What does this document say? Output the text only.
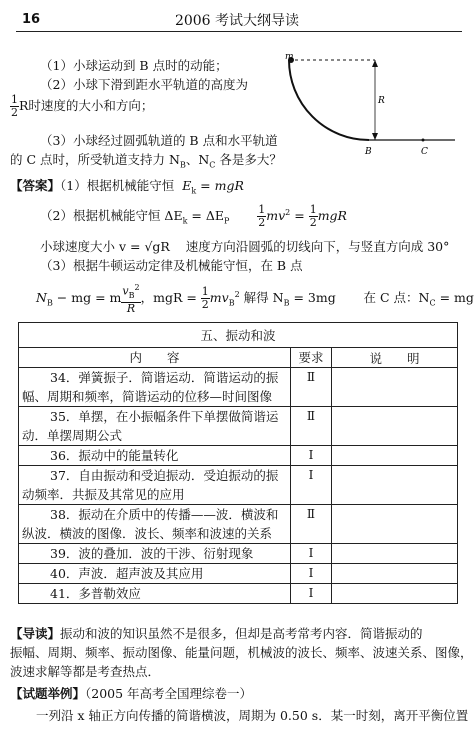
16	2006 考试大纲导读
m
R
B	C
（1）小球运动到 B 点时的动能；
（2）小球下滑到距水平轨道的高度为
$\frac{1}{2}$ R时速度的大小和方向；
（3）小球经过圆弧轨道的 B 点和水平轨道
的 C 点时，所受轨道支持力 $N_B$、$N_C$ 各是多大？
【答案】（1）根据机械能守恒 $E_k$ = mgR
（2）根据机械能守恒 $\Delta E_k = \Delta E_P$	$\frac{1}{2} mv^2 = \frac{1}{2}$ mgR
小球速度大小 v = √gR 速度方向沿圆弧的切线向下，与竖直方向成 30°
（3）根据牛顿运动定律及机械能守恒，在 B 点
$N_B$ − mg = m $\frac{v_B^2}{R}$ ，mgR = $\frac{1}{2} mv_B^2$ 解得 $N_B = 3mg$ 在 C 点：$N_C$ = mg
五、振动和波		
内　　容	要求	说　　明

34．弹簧振子．简谐运动．简谐运动的振
幅、周期和频率，简谐运动的位移—时间图像	Ⅱ	

35．单摆，在小振幅条件下单摆做简谐运
动．单摆周期公式	Ⅱ	

36．振动中的能量转化	Ⅰ	

37．自由振动和受迫振动．受迫振动的振
动频率．共振及其常见的应用	Ⅰ	

38．振动在介质中的传播——波．横波和
纵波．横波的图像．波长、频率和波速的关系	Ⅱ	

39．波的叠加．波的干涉、衍射现象	Ⅰ	

40．声波．超声波及其应用	Ⅰ	

41．多普勒效应	Ⅰ	
【导读】振动和波的知识虽然不是很多，但却是高考常考内容．简谐振动的
振幅、周期、频率、振动图像、能量问题，机械波的波长、频率、波速关系、图像，
波速求解等都是考查热点．
【试题举例】（2005 年高考全国理综卷一）
一列沿 x 轴正方向传播的简谐横波，周期为 0.50 s．某一时刻，离开平衡位置
